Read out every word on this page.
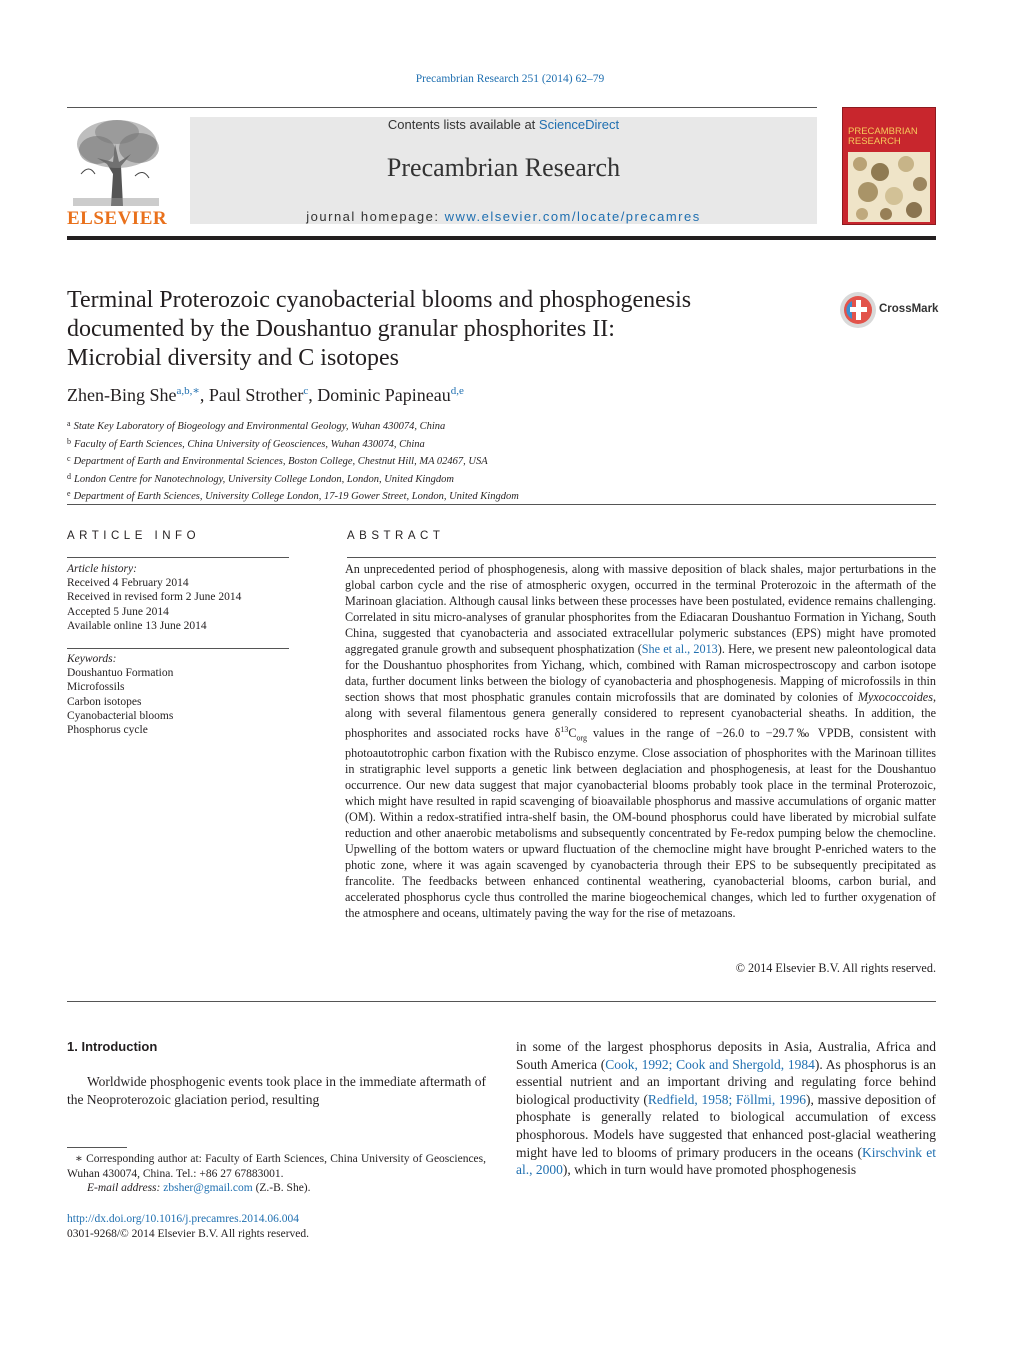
Precambrian Research 251 (2014) 62–79
ELSEVIER
Contents lists available at ScienceDirect
Precambrian Research
journal homepage: www.elsevier.com/locate/precamres
PRECAMBRIAN
RESEARCH
Terminal Proterozoic cyanobacterial blooms and phosphogenesis
documented by the Doushantuo granular phosphorites II:
Microbial diversity and C isotopes
CrossMark
Zhen-Bing She$^{a,b,∗}$, Paul Strother$^c$, Dominic Papineau$^{d,e}$
$^a$ State Key Laboratory of Biogeology and Environmental Geology, Wuhan 430074, China
$^b$ Faculty of Earth Sciences, China University of Geosciences, Wuhan 430074, China
$^c$ Department of Earth and Environmental Sciences, Boston College, Chestnut Hill, MA 02467, USA
$^d$ London Centre for Nanotechnology, University College London, London, United Kingdom
$^e$ Department of Earth Sciences, University College London, 17-19 Gower Street, London, United Kingdom
ARTICLE INFO
Article history:
Received 4 February 2014
Received in revised form 2 June 2014
Accepted 5 June 2014
Available online 13 June 2014
Keywords:
Doushantuo Formation
Microfossils
Carbon isotopes
Cyanobacterial blooms
Phosphorus cycle
ABSTRACT
An unprecedented period of phosphogenesis, along with massive deposition of black shales, major perturbations in the global carbon cycle and the rise of atmospheric oxygen, occurred in the terminal Proterozoic in the aftermath of the Marinoan glaciation. Although causal links between these processes have been postulated, evidence remains challenging. Correlated in situ micro-analyses of granular phosphorites from the Ediacaran Doushantuo Formation in Yichang, South China, suggested that cyanobacteria and associated extracellular polymeric substances (EPS) might have promoted aggregated granule growth and subsequent phosphatization (She et al., 2013). Here, we present new paleontological data for the Doushantuo phosphorites from Yichang, which, combined with Raman microspectroscopy and carbon isotope data, further document links between the biology of cyanobacteria and phosphogenesis. Mapping of microfossils in thin section shows that most phosphatic granules contain microfossils that are dominated by colonies of Myxococcoides, along with several filamentous genera generally considered to represent cyanobacterial sheaths. In addition, the phosphorites and associated rocks have $\delta^{13}C_{org}$ values in the range of −26.0 to −29.7‰ VPDB, consistent with photoautotrophic carbon fixation with the Rubisco enzyme. Close association of phosphorites with the Marinoan tillites in stratigraphic level supports a genetic link between deglaciation and phosphogenesis, at least for the Doushantuo occurrence. Our new data suggest that major cyanobacterial blooms probably took place in the terminal Proterozoic, which might have resulted in rapid scavenging of bioavailable phosphorus and massive accumulations of organic matter (OM). Within a redox-stratified intra-shelf basin, the OM-bound phosphorus could have liberated by microbial sulfate reduction and other anaerobic metabolisms and subsequently concentrated by Fe-redox pumping below the chemocline. Upwelling of the bottom waters or upward fluctuation of the chemocline might have brought P-enriched waters to the photic zone, where it was again scavenged by cyanobacteria through their EPS to be subsequently precipitated as francolite. The feedbacks between enhanced continental weathering, cyanobacterial blooms, carbon burial, and accelerated phosphorus cycle thus controlled the marine biogeochemical changes, which led to further oxygenation of the atmosphere and oceans, ultimately paving the way for the rise of metazoans.
© 2014 Elsevier B.V. All rights reserved.
1. Introduction
Worldwide phosphogenic events took place in the immediate aftermath of the Neoproterozoic glaciation period, resulting
in some of the largest phosphorus deposits in Asia, Australia, Africa and South America (Cook, 1992; Cook and Shergold, 1984). As phosphorus is an essential nutrient and an important driving and regulating force behind biological productivity (Redfield, 1958; Föllmi, 1996), massive deposition of phosphate is generally related to biological accumulation of excess phosphorous. Models have suggested that enhanced post-glacial weathering might have led to blooms of primary producers in the oceans (Kirschvink et al., 2000), which in turn would have promoted phosphogenesis
∗ Corresponding author at: Faculty of Earth Sciences, China University of Geosciences, Wuhan 430074, China. Tel.: +86 27 67883001.
E-mail address: zbsher@gmail.com (Z.-B. She).
http://dx.doi.org/10.1016/j.precamres.2014.06.004
0301-9268/© 2014 Elsevier B.V. All rights reserved.
